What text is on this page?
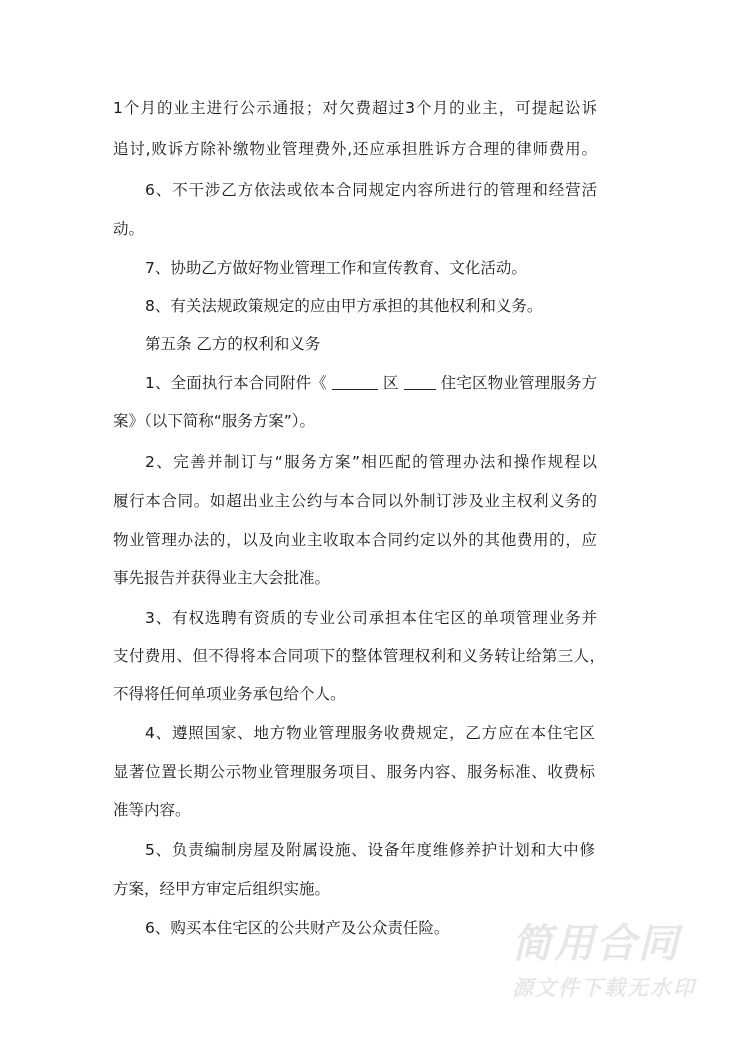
1个月的业主进行公示通报；对欠费超过3个月的业主，可提起讼诉
追讨,败诉方除补缴物业管理费外,还应承担胜诉方合理的律师费用。
6、不干涉乙方依法或依本合同规定内容所进行的管理和经营活
动。
7、协助乙方做好物业管理工作和宣传教育、文化活动。
8、有关法规政策规定的应由甲方承担的其他权利和义务。
第五条 乙方的权利和义务
1、全面执行本合同附件《	区	住宅区物业管理服务方
案》（以下简称“服务方案”）。
2、完善并制订与“服务方案”相匹配的管理办法和操作规程以
履行本合同。如超出业主公约与本合同以外制订涉及业主权利义务的
物业管理办法的，以及向业主收取本合同约定以外的其他费用的，应
事先报告并获得业主大会批准。
3、有权选聘有资质的专业公司承担本住宅区的单项管理业务并
支付费用、但不得将本合同项下的整体管理权利和义务转让给第三人，
不得将任何单项业务承包给个人。
4、遵照国家、地方物业管理服务收费规定，乙方应在本住宅区
显著位置长期公示物业管理服务项目、服务内容、服务标准、收费标
准等内容。
5、负责编制房屋及附属设施、设备年度维修养护计划和大中修
方案，经甲方审定后组织实施。
6、购买本住宅区的公共财产及公众责任险。 简用合同
源文件下载无水印
